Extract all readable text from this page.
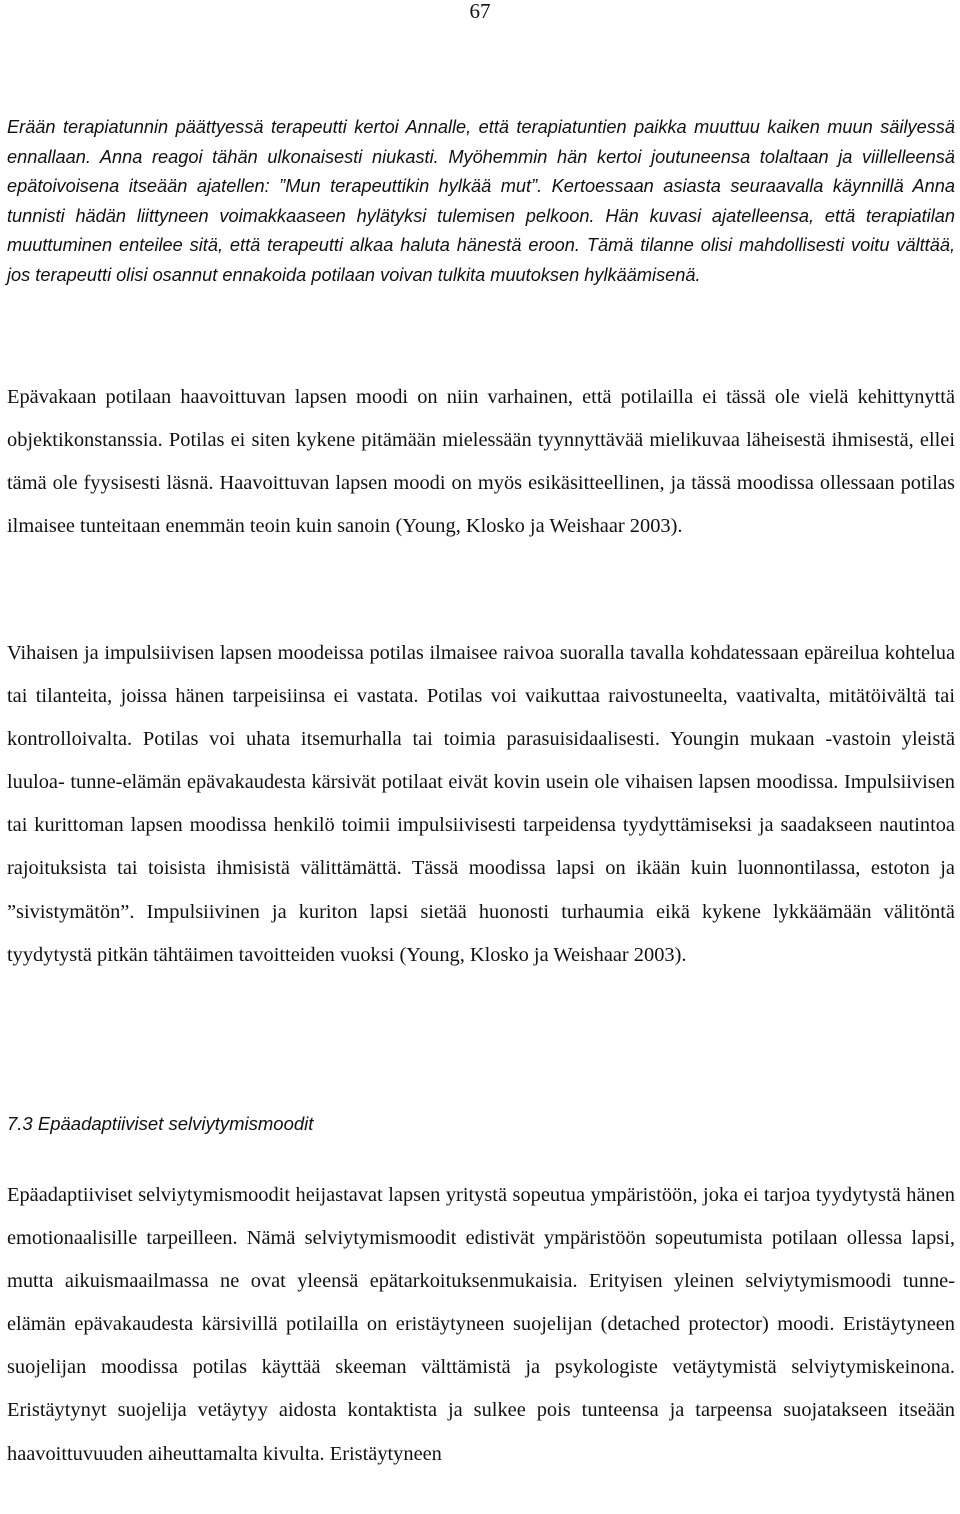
67
Erään terapiatunnin päättyessä terapeutti kertoi Annalle, että terapiatuntien paikka muuttuu kaiken muun säilyessä ennallaan. Anna reagoi tähän ulkonaisesti niukasti. Myöhemmin hän kertoi joutuneensa tolaltaan ja viillelleensä epätoivoisena itseään ajatellen: ”Mun terapeuttikin hylkää mut”. Kertoessaan asiasta seuraavalla käynnillä Anna tunnisti hädän liittyneen voimakkaaseen hylätyksi tulemisen pelkoon. Hän kuvasi ajatelleensa, että terapiatilan muuttuminen enteilee sitä, että terapeutti alkaa haluta hänestä eroon. Tämä tilanne olisi mahdollisesti voitu välttää, jos terapeutti olisi osannut ennakoida potilaan voivan tulkita muutoksen hylkäämisenä.
Epävakaan potilaan haavoittuvan lapsen moodi on niin varhainen, että potilailla ei tässä ole vielä kehittynyttä objektikonstanssia. Potilas ei siten kykene pitämään mielessään tyynnyttävää mielikuvaa läheisestä ihmisestä, ellei tämä ole fyysisesti läsnä. Haavoittuvan lapsen moodi on myös esikäsitteellinen, ja tässä moodissa ollessaan potilas ilmaisee tunteitaan enemmän teoin kuin sanoin (Young, Klosko ja Weishaar 2003).
Vihaisen ja impulsiivisen lapsen moodeissa potilas ilmaisee raivoa suoralla tavalla kohdatessaan epäreilua kohtelua tai tilanteita, joissa hänen tarpeisiinsa ei vastata. Potilas voi vaikuttaa raivostuneelta, vaativalta, mitätöivältä tai kontrolloivalta. Potilas voi uhata itsemurhalla tai toimia parasuisidaalisesti. Youngin mukaan -vastoin yleistä luuloa- tunne-elämän epävakaudesta kärsivät potilaat eivät kovin usein ole vihaisen lapsen moodissa. Impulsiivisen tai kurittoman lapsen moodissa henkilö toimii impulsiivisesti tarpeidensa tyydyttämiseksi ja saadakseen nautintoa rajoituksista tai toisista ihmisistä välittämättä. Tässä moodissa lapsi on ikään kuin luonnontilassa, estoton ja ”sivistymätön”. Impulsiivinen ja kuriton lapsi sietää huonosti turhaumia eikä kykene lykkäämään välitöntä tyydytystä pitkän tähtäimen tavoitteiden vuoksi (Young, Klosko ja Weishaar 2003).
7.3 Epäadaptiiviset selviytymismoodit
Epäadaptiiviset selviytymismoodit heijastavat lapsen yritystä sopeutua ympäristöön, joka ei tarjoa tyydytystä hänen emotionaalisille tarpeilleen. Nämä selviytymismoodit edistivät ympäristöön sopeutumista potilaan ollessa lapsi, mutta aikuismaailmassa ne ovat yleensä epätarkoituksenmukaisia. Erityisen yleinen selviytymismoodi tunne-elämän epävakaudesta kärsivillä potilailla on eristäytyneen suojelijan (detached protector) moodi. Eristäytyneen suojelijan moodissa potilas käyttää skeeman välttämistä ja psykologiste vetäytymistä selviytymiskeinona. Eristäytynyt suojelija vetäytyy aidosta kontaktista ja sulkee pois tunteensa ja tarpeensa suojatakseen itseään haavoittuvuuden aiheuttamalta kivulta. Eristäytyneen
